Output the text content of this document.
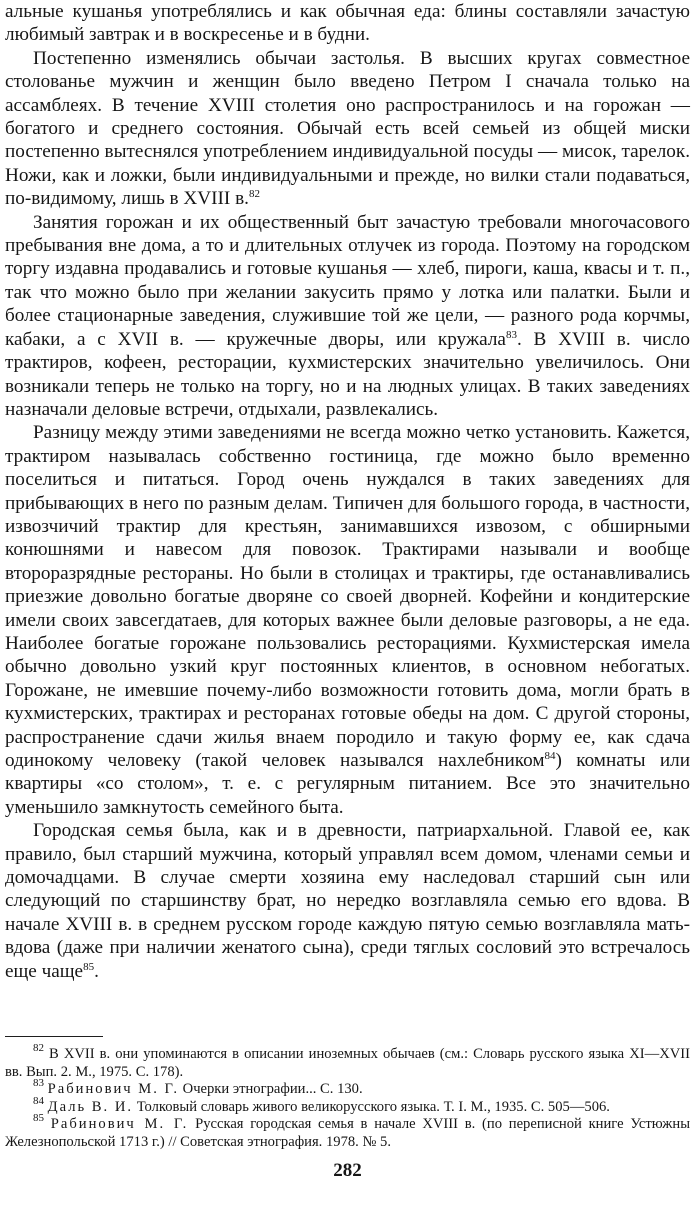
альные кушанья употреблялись и как обычная еда: блины составляли зачастую любимый завтрак и в воскресенье и в будни.

Постепенно изменялись обычаи застолья. В высших кругах совместное столованье мужчин и женщин было введено Петром I сначала только на ассамблеях. В течение XVIII столетия оно распространилось и на горожан — богатого и среднего состояния. Обычай есть всей семьей из общей миски постепенно вытеснялся употреблением индивидуальной посуды — мисок, тарелок. Ножи, как и ложки, были индивидуальными и прежде, но вилки стали подаваться, по-видимому, лишь в XVIII в.$^{82}$

Занятия горожан и их общественный быт зачастую требовали многочасового пребывания вне дома, а то и длительных отлучек из города. Поэтому на городском торгу издавна продавались и готовые кушанья — хлеб, пироги, каша, квасы и т. п., так что можно было при желании закусить прямо у лотка или палатки. Были и более стационарные заведения, служившие той же цели, — разного рода корчмы, кабаки, а с XVII в. — кружечные дворы, или кружала$^{83}$. В XVIII в. число трактиров, кофеен, ресторации, кухмистерских значительно увеличилось. Они возникали теперь не только на торгу, но и на людных улицах. В таких заведениях назначали деловые встречи, отдыхали, развлекались.

Разницу между этими заведениями не всегда можно четко установить. Кажется, трактиром называлась собственно гостиница, где можно было временно поселиться и питаться. Город очень нуждался в таких заведениях для прибывающих в него по разным делам. Типичен для большого города, в частности, извозчичий трактир для крестьян, занимавшихся извозом, с обширными конюшнями и навесом для повозок. Трактирами называли и вообще второразрядные рестораны. Но были в столицах и трактиры, где останавливались приезжие довольно богатые дворяне со своей дворней. Кофейни и кондитерские имели своих завсегдатаев, для которых важнее были деловые разговоры, а не еда. Наиболее богатые горожане пользовались ресторациями. Кухмистерская имела обычно довольно узкий круг постоянных клиентов, в основном небогатых. Горожане, не имевшие почему-либо возможности готовить дома, могли брать в кухмистерских, трактирах и ресторанах готовые обеды на дом. С другой стороны, распространение сдачи жилья внаем породило и такую форму ее, как сдача одинокому человеку (такой человек назывался нахлебником$^{84}$) комнаты или квартиры «со столом», т. е. с регулярным питанием. Все это значительно уменьшило замкнутость семейного быта.

Городская семья была, как и в древности, патриархальной. Главой ее, как правило, был старший мужчина, который управлял всем домом, членами семьи и домочадцами. В случае смерти хозяина ему наследовал старший сын или следующий по старшинству брат, но нередко возглавляла семью его вдова. В начале XVIII в. в среднем русском городе каждую пятую семью возглавляла мать-вдова (даже при наличии женатого сына), среди тяглых сословий это встречалось еще чаще$^{85}$.

$^{82}$ В XVII в. они упоминаются в описании иноземных обычаев (см.: Словарь русского языка XI—XVII вв. Вып. 2. М., 1975. С. 178).

$^{83}$ Рабинович М. Г. Очерки этнографии... С. 130.

$^{84}$ Даль В. И. Толковый словарь живого великорусского языка. Т. I. М., 1935. С. 505—506.

$^{85}$ Рабинович М. Г. Русская городская семья в начале XVIII в. (по переписной книге Устюжны Железнопольской 1713 г.) // Советская этнография. 1978. № 5.

282
